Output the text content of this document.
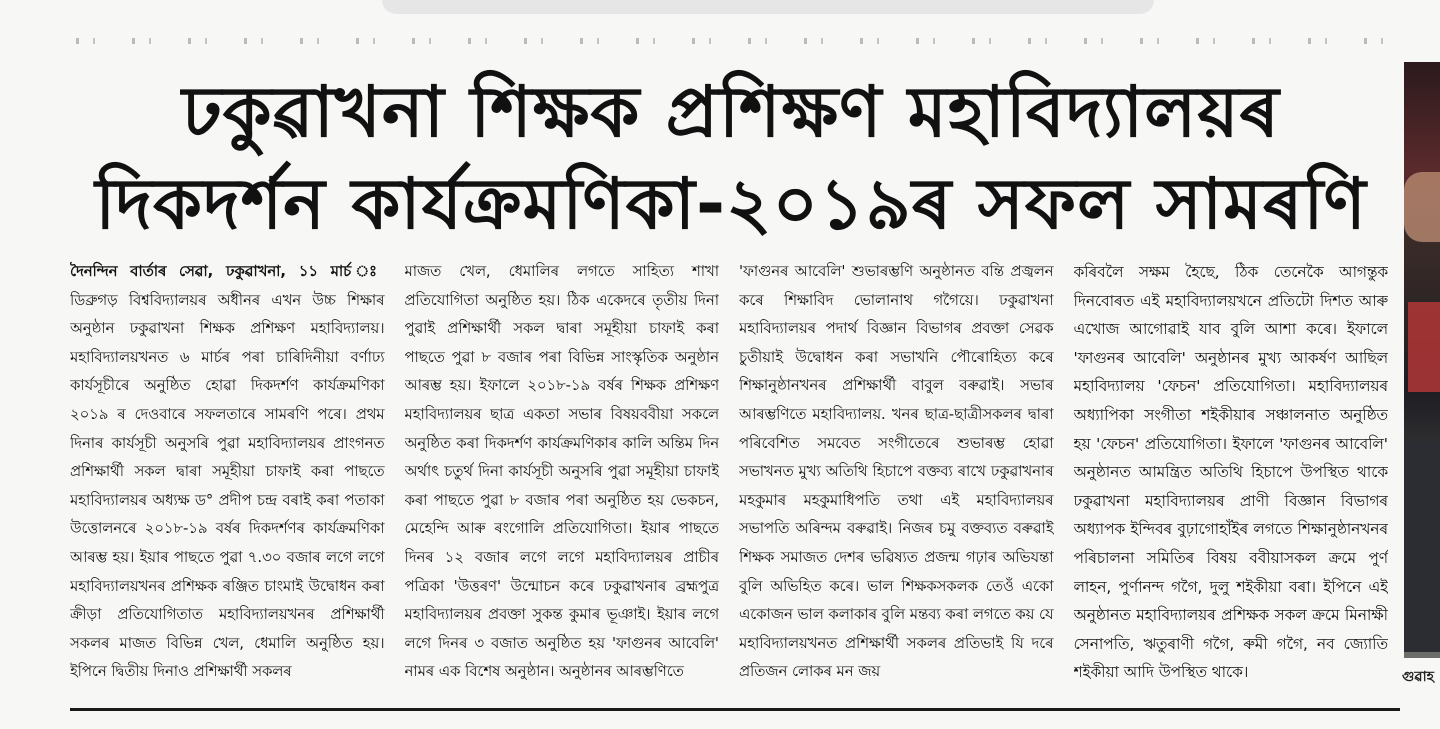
ঢকুৱাখনা শিক্ষক প্ৰশিক্ষণ মহাবিদ্যালয়ৰ
দিকদৰ্শন কাৰ্যক্ৰমণিকা-২০১৯ৰ সফল সামৰণি

দৈনন্দিন বাৰ্তাৰ সেৱা, ঢকুৱাখনা, ১১ মাৰ্চ ঃ ডিব্ৰুগড় বিশ্ববিদ্যালয়ৰ অধীনৰ এখন উচ্চ শিক্ষাৰ অনুষ্ঠান ঢকুৱাখনা শিক্ষক প্ৰশিক্ষণ মহাবিদ্যালয়। মহাবিদ্যালয়খনত ৬ মাৰ্চৰ পৰা চাৰিদিনীয়া বৰ্ণাঢ্য কাৰ্যসূচীৰে অনুষ্ঠিত হোৱা দিকদৰ্শণ কাৰ্যক্ৰমণিকা ২০১৯ ৰ দেওবাৰে সফলতাৰে সামৰণি পৰে। প্ৰথম দিনাৰ কাৰ্যসূচী অনুসৰি পুৱা মহাবিদ্যালয়ৰ প্ৰাংগনত প্ৰশিক্ষাৰ্থী সকল দ্বাৰা সমূহীয়া চাফাই কৰা পাছতে মহাবিদ্যালয়ৰ অধ্যক্ষ ড° প্ৰদীপ চন্দ্ৰ বৰাই কৰা পতাকা উত্তোলনৰে ২০১৮-১৯ বৰ্ষৰ দিকদৰ্শণৰ কাৰ্যক্ৰমণিকা আৰম্ভ হয়। ইয়াৰ পাছতে পুৱা ৭.৩০ বজাৰ লগে লগে মহাবিদ্যালয়খনৰ প্ৰশিক্ষক ৰঞ্জিত চাংমাই উদ্বোধন কৰা ক্ৰীড়া প্ৰতিযোগিতাত মহাবিদ্যালয়খনৰ প্ৰশিক্ষাৰ্থী সকলৰ মাজত বিভিন্ন খেল, ধেমালি অনুষ্ঠিত হয়। ইপিনে দ্বিতীয় দিনাও প্ৰশিক্ষাৰ্থী সকলৰ

মাজত খেল, ধেমালিৰ লগতে সাহিত্য শাখা প্ৰতিযোগিতা অনুষ্ঠিত হয়। ঠিক একেদৰে তৃতীয় দিনা পুৱাই প্ৰশিক্ষাৰ্থী সকল দ্বাৰা সমূহীয়া চাফাই কৰা পাছতে পুৱা ৮ বজাৰ পৰা বিভিন্ন সাংস্কৃতিক অনুষ্ঠান আৰম্ভ হয়। ইফালে ২০১৮-১৯ বৰ্ষৰ শিক্ষক প্ৰশিক্ষণ মহাবিদ্যালয়ৰ ছাত্ৰ একতা সভাৰ বিষয়ববীয়া সকলে অনুষ্ঠিত কৰা দিকদৰ্শণ কাৰ্যক্ৰমণিকাৰ কালি অন্তিম দিন অৰ্থাৎ চতুৰ্থ দিনা কাৰ্যসূচী অনুসৰি পুৱা সমূহীয়া চাফাই কৰা পাছতে পুৱা ৮ বজাৰ পৰা অনুষ্ঠিত হয় ভেকচন, মেহেন্দি আৰু ৰংগোলি প্ৰতিযোগিতা। ইয়াৰ পাছতে দিনৰ ১২ বজাৰ লগে লগে মহাবিদ্যালয়ৰ প্ৰাচীৰ পত্ৰিকা 'উত্তৰণ' উন্মোচন কৰে ঢকুৱাখনাৰ ব্ৰহ্মপুত্ৰ মহাবিদ্যালয়ৰ প্ৰবক্তা সুকন্ত কুমাৰ ভূঞাই। ইয়াৰ লগে লগে দিনৰ ৩ বজাত অনুষ্ঠিত হয় 'ফাগুনৰ আবেলি' নামৰ এক বিশেষ অনুষ্ঠান। অনুষ্ঠানৰ আৰম্ভণিতে

'ফাগুনৰ আবেলি' শুভাৰম্ভণি অনুষ্ঠানত বন্তি প্ৰজ্বলন কৰে শিক্ষাবিদ ভোলানাথ গগৈয়ে। ঢকুৱাখনা মহাবিদ্যালয়ৰ পদাৰ্থ বিজ্ঞান বিভাগৰ প্ৰবক্তা সেৱক চুতীয়াই উদ্বোধন কৰা সভাখনি পৌৰোহিত্য কৰে শিক্ষানুষ্ঠানখনৰ প্ৰশিক্ষাৰ্থী বাবুল বৰুৱাই। সভাৰ আৰম্ভণিতে মহাবিদ্যালয়. খনৰ ছাত্ৰ-ছাত্ৰীসকলৰ দ্বাৰা পৰিবেশিত সমবেত সংগীতেৰে শুভাৰম্ভ হোৱা সভাখনত মুখ্য অতিথি হিচাপে বক্তব্য ৰাখে ঢকুৱাখনাৰ মহকুমাৰ মহকুমাধিপতি তথা এই মহাবিদ্যালয়ৰ সভাপতি অৰিন্দম বৰুৱাই। নিজৰ চমু বক্তব্যত বৰুৱাই শিক্ষক সমাজত দেশৰ ভৱিষ্যত প্ৰজন্ম গঢ়াৰ অভিযন্তা বুলি অভিহিত কৰে। ভাল শিক্ষকসকলক তেওঁ একো একোজন ভাল কলাকাৰ বুলি মন্তব্য কৰা লগতে কয় যে মহাবিদ্যালয়খনত প্ৰশিক্ষাৰ্থী সকলৰ প্ৰতিভাই যি দৰে প্ৰতিজন লোকৰ মন জয়

কৰিবলৈ সক্ষম হৈছে, ঠিক তেনেকৈ আগন্তুক দিনবোৰত এই মহাবিদ্যালয়খনে প্ৰতিটো দিশত আৰু এখোজ আগোৱাই যাব বুলি আশা কৰে। ইফালে 'ফাগুনৰ আবেলি' অনুষ্ঠানৰ মুখ্য আকৰ্ষণ আছিল মহাবিদ্যালয় 'ফেচন' প্ৰতিযোগিতা। মহাবিদ্যালয়ৰ অধ্যাপিকা সংগীতা শইকীয়াৰ সঞ্চালনাত অনুষ্ঠিত হয় 'ফেচন' প্ৰতিযোগিতা। ইফালে 'ফাগুনৰ আবেলি' অনুষ্ঠানত আমন্ত্ৰিত অতিথি হিচাপে উপস্থিত থাকে ঢকুৱাখনা মহাবিদ্যালয়ৰ প্ৰাণী বিজ্ঞান বিভাগৰ অধ্যাপক ইন্দিবৰ বুঢ়াগোহাঁইৰ লগতে শিক্ষানুষ্ঠানখনৰ পৰিচালনা সমিতিৰ বিষয় ববীয়াসকল ক্ৰমে পুৰ্ণ লাহন, পুৰ্ণানন্দ গগৈ, দুলু শইকীয়া বৰা। ইপিনে এই অনুষ্ঠানত মহাবিদ্যালয়ৰ প্ৰশিক্ষক সকল ক্ৰমে মিনাক্ষী সেনাপতি, ঋতুৰাণী গগৈ, ৰুমী গগৈ, নব জ্যোতি শইকীয়া আদি উপস্থিত থাকে।	গুৱাহ
